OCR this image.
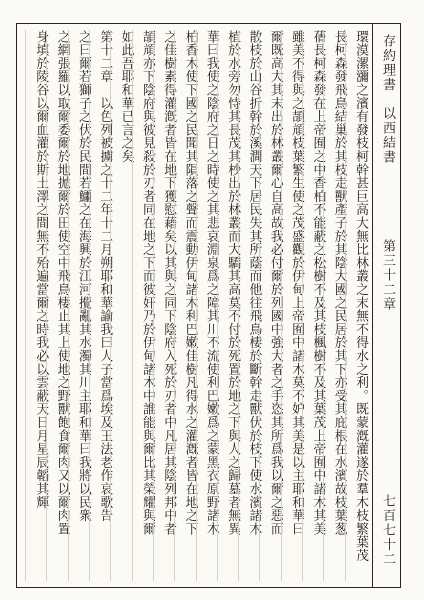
存約理書　以西結書
第三十二章
七百七十二
環漠漯瀰之濱有發枝柯幹甚巨高大無比林叢之末無不得水之利。既蒙漑灌遂於羣木枝繁葉茂
長柯森發飛鳥結巢於其枝走獸產子於其陰大國之民居於其下亦受其庇根在水濱故枝葉葱
蒨長柯森發在上帝囿之中香柏不能蔽之松樹不及其枝楓樹不及其葉茂上帝囿中諸木其美
雖美不得與之頡頏枝葉繁生使之茂盛觀於伊甸上帝囿中諸木莫不妒其美是以主耶和華曰
爾既高大其末出於林叢爾心自高故我必付爾於列國中強大者之手恣其所爲我以爾之惡而
散枝於山谷折幹於溪澗天下居民失其所蔭而他往飛鳥棲於斷幹走獸伏於枝下使水濱諸木
植於水旁勿恃其長茂其杪出於林叢而大驕其高莫不付於死置於地之下與人之歸墓者無異
華曰我使之陰府之日之時使之其悲哀淵泉爲之障其川不流使利巴嫩爲之蒙黑衣原野諸木
柏香木使下國之民聞其隕落之聲而震動伊甸諸木利巴嫩佳樹凡得水之灌漑者皆在地之下
之佳樹素得灌漑者皆在地下獲慰藉矣以其與之同下陰府入死於刃者中凡居其陰列邦中者
頡頏亦下陰府與彼見殺於刃者同在地之下而彼奸乃於伊甸諸木中誰能與爾比其榮耀與爾
如此吾耶和華已言之矣
第十二章　以色列被擄之十二年十二月朔耶和華諭我曰人子當爲埃及王法老作哀歌告
之曰爾若獅子之伏於民間若鱷之在海興於江河攪亂其水濁其川主耶和華曰我將以民衆
之網張羅以取爾委爾於地拋爾於田使空中飛鳥棲止其上使地之野獸飽食爾肉又以爾肉置
身填於陵谷以爾血灌於斯土澤之間無不殆遍當爾之時我必以雲蔽天日月星辰韜其輝
